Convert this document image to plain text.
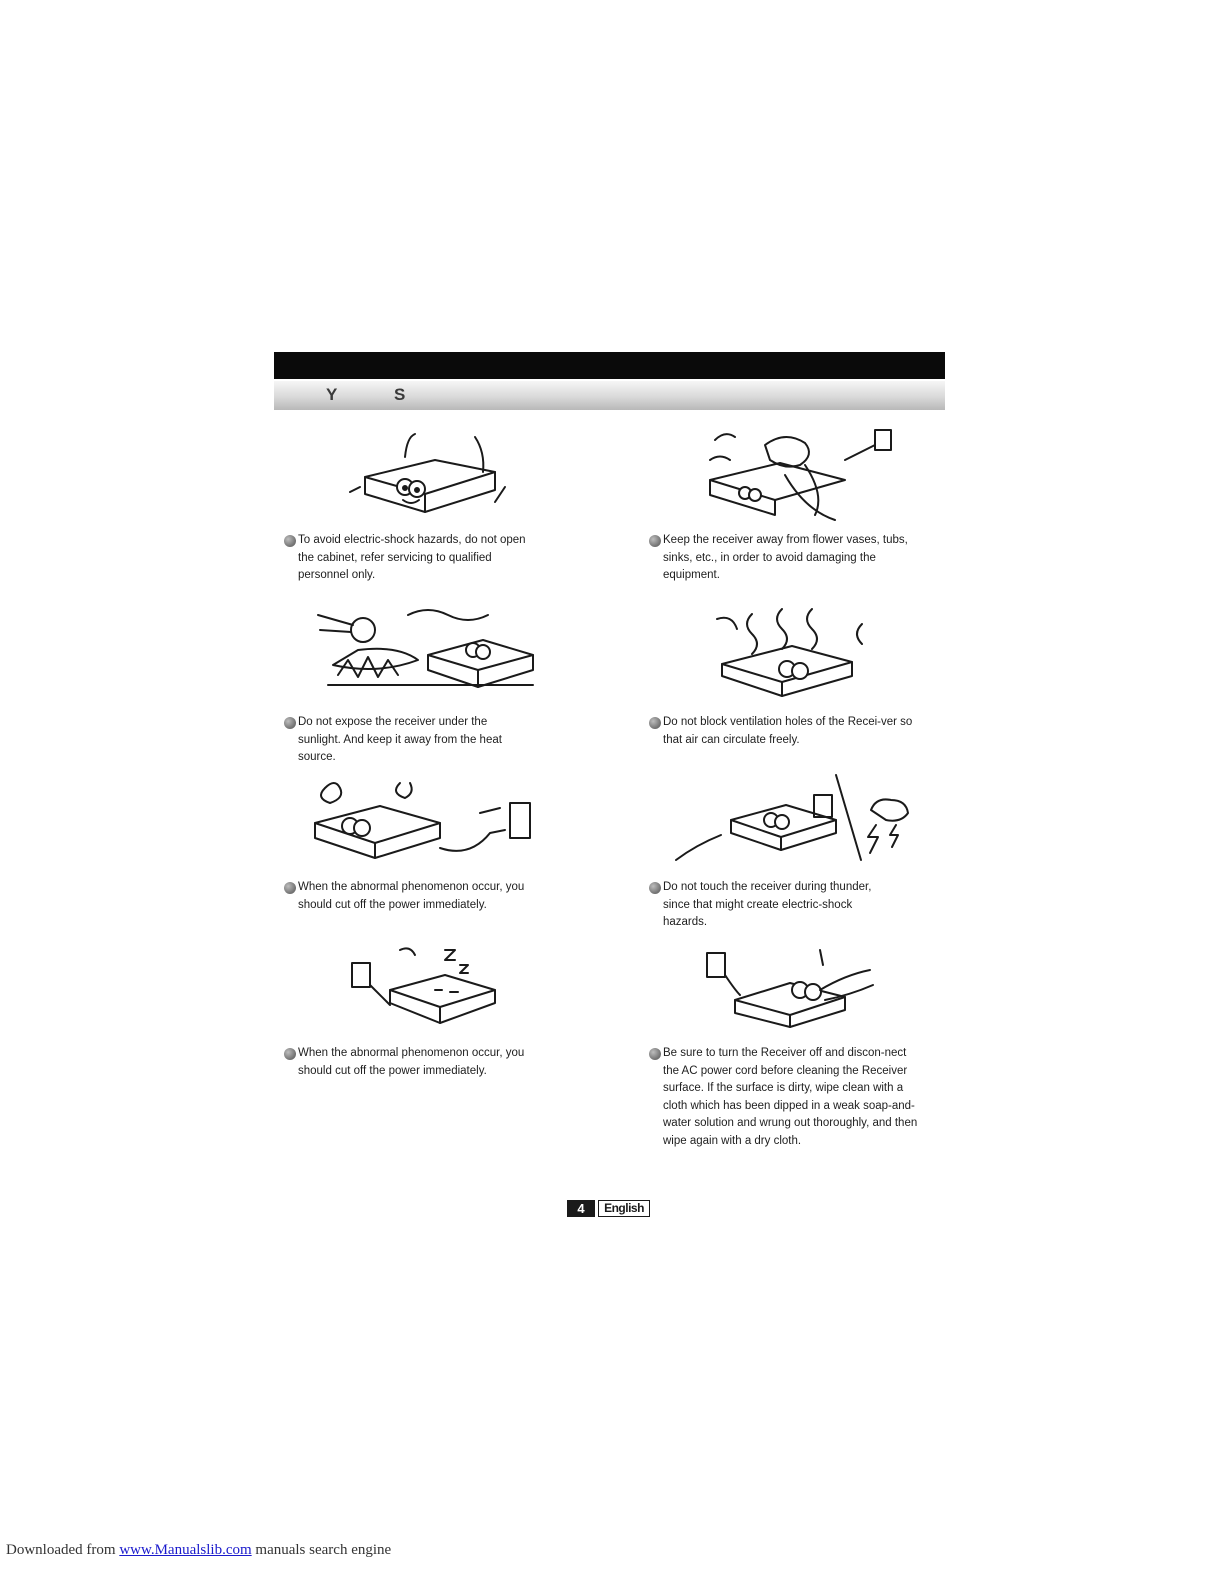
Y	S

To avoid electric-shock hazards, do not open the cabinet, refer servicing to qualified personnel only.

Keep the receiver away from flower vases, tubs, sinks, etc., in order to avoid damaging the equipment.

Do not expose the receiver under the sunlight. And keep it away from the heat source.

Do not block ventilation holes of the Recei-ver so that air can circulate freely.

When the abnormal phenomenon occur, you should cut off the power immediately.

Do not touch the receiver during thunder, since that might create electric-shock hazards.

When the abnormal phenomenon occur, you should cut off the power immediately.

Be sure to turn the Receiver off and discon-nect the AC power cord before cleaning the Receiver surface. If the surface is dirty, wipe clean with a cloth which has been dipped in a weak soap-and-water solution and wrung out thoroughly, and then wipe again with a dry cloth.

4	English
Downloaded from www.Manualslib.com manuals search engine
